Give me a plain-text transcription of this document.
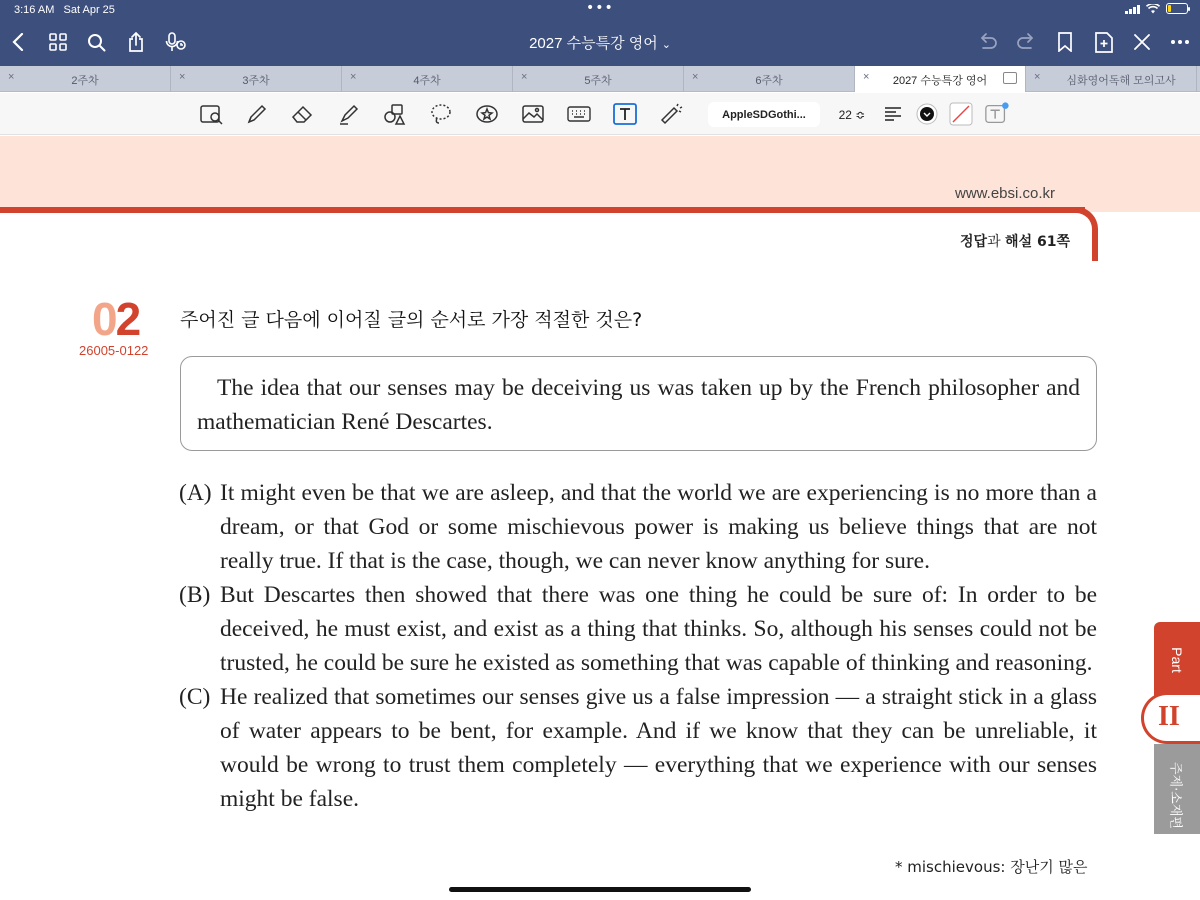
3:16 AM Sat Apr 25	•••
2027 수능특강 영어 ⌄
×	2주차	×	3주차	×	4주차	×	5주차	×	6주차	×	2027 수능특강 영어	×	심화영어독해 모의고사
AppleSDGothi...	22 ≎
www.ebsi.co.kr
정답과 해설 61쪽
02
26005-0122
주어진 글 다음에 이어질 글의 순서로 가장 적절한 것은?

The idea that our senses may be deceiving us was taken up by the French philosopher and mathematician René Descartes.

(A) It might even be that we are asleep, and that the world we are experiencing is no more than a dream, or that God or some mischievous power is making us believe things that are not really true. If that is the case, though, we can never know anything for sure.
(B) But Descartes then showed that there was one thing he could be sure of: In order to be deceived, he must exist, and exist as a thing that thinks. So, although his senses could not be trusted, he could be sure he existed as something that was capable of thinking and reasoning.
(C) He realized that sometimes our senses give us a false impression — a straight stick in a glass of water appears to be bent, for example. And if we know that they can be unreliable, it would be wrong to trust them completely — everything that we experience with our senses might be false.
* mischievous: 장난기 많은
Part
주제·소재편
II
